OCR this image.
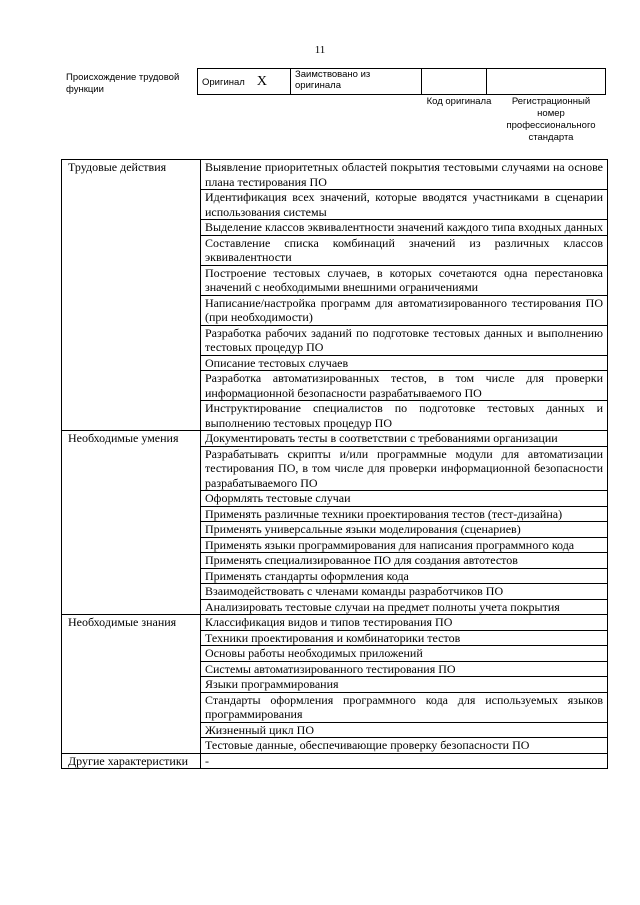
11
Происхождение трудовой функции
Оригинал X	Заимствовано из оригинала		
Код оригинала	Регистрационный номер профессионального стандарта
Трудовые действия	Выявление приоритетных областей покрытия тестовыми случаями на основе плана тестирования ПО
	Идентификация всех значений, которые вводятся участниками в сценарии использования системы
	Выделение классов эквивалентности значений каждого типа входных данных
	Составление списка комбинаций значений из различных классов эквивалентности
	Построение тестовых случаев, в которых сочетаются одна перестановка значений с необходимыми внешними ограничениями
	Написание/настройка программ для автоматизированного тестирования ПО (при необходимости)
	Разработка рабочих заданий по подготовке тестовых данных и выполнению тестовых процедур ПО
	Описание тестовых случаев
	Разработка автоматизированных тестов, в том числе для проверки информационной безопасности разрабатываемого ПО
	Инструктирование специалистов по подготовке тестовых данных и выполнению тестовых процедур ПО
Необходимые умения	Документировать тесты в соответствии с требованиями организации
	Разрабатывать скрипты и/или программные модули для автоматизации тестирования ПО, в том числе для проверки информационной безопасности разрабатываемого ПО
	Оформлять тестовые случаи
	Применять различные техники проектирования тестов (тест-дизайна)
	Применять универсальные языки моделирования (сценариев)
	Применять языки программирования для написания программного кода
	Применять специализированное ПО для создания автотестов
	Применять стандарты оформления кода
	Взаимодействовать с членами команды разработчиков ПО
	Анализировать тестовые случаи на предмет полноты учета покрытия
Необходимые знания	Классификация видов и типов тестирования ПО
	Техники проектирования и комбинаторики тестов
	Основы работы необходимых приложений
	Системы автоматизированного тестирования ПО
	Языки программирования
	Стандарты оформления программного кода для используемых языков программирования
	Жизненный цикл ПО
	Тестовые данные, обеспечивающие проверку безопасности ПО
Другие характеристики	-
